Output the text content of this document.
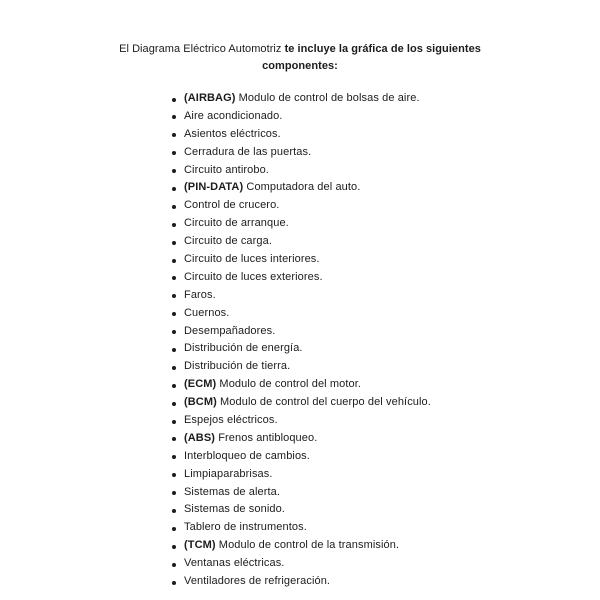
El Diagrama Eléctrico Automotriz te incluye la gráfica de los siguientes
componentes:
(AIRBAG) Modulo de control de bolsas de aire.
Aire acondicionado.
Asientos eléctricos.
Cerradura de las puertas.
Circuito antirobo.
(PIN-DATA) Computadora del auto.
Control de crucero.
Circuito de arranque.
Circuito de carga.
Circuito de luces interiores.
Circuito de luces exteriores.
Faros.
Cuernos.
Desempañadores.
Distribución de energía.
Distribución de tierra.
(ECM) Modulo de control del motor.
(BCM) Modulo de control del cuerpo del vehículo.
Espejos eléctricos.
(ABS) Frenos antibloqueo.
Interbloqueo de cambios.
Limpiaparabrisas.
Sistemas de alerta.
Sistemas de sonido.
Tablero de instrumentos.
(TCM) Modulo de control de la transmisión.
Ventanas eléctricas.
Ventiladores de refrigeración.
